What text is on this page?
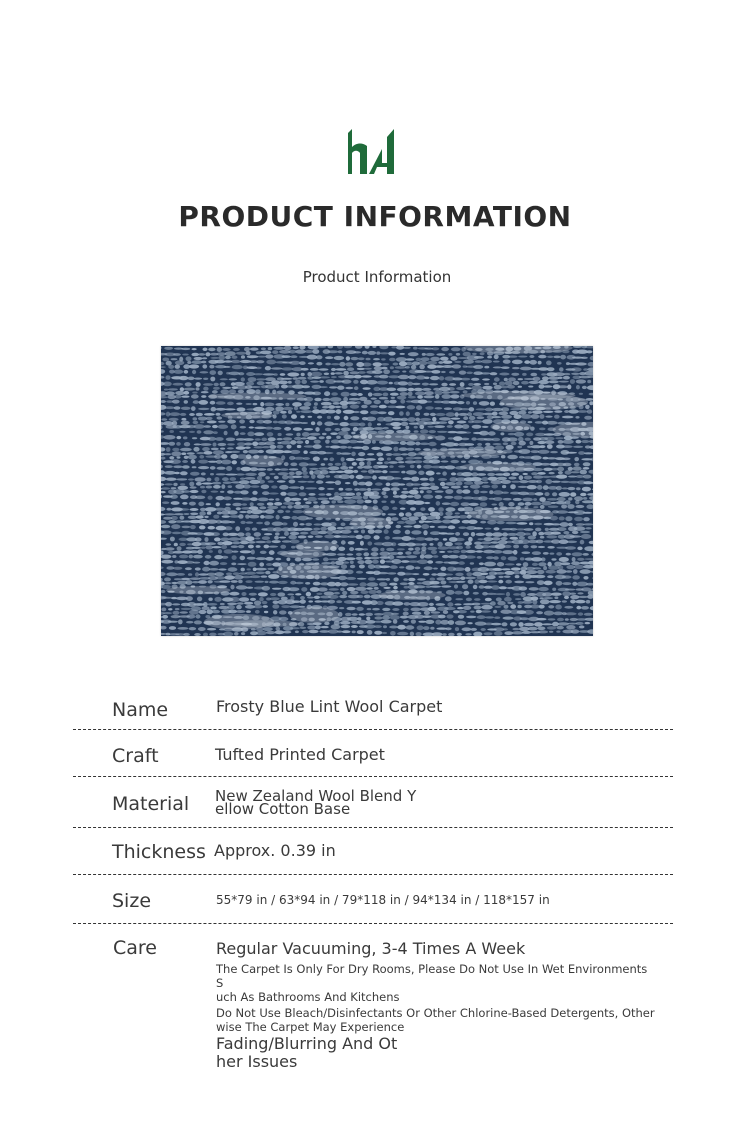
PRODUCT INFORMATION
Product Information
Name	Frosty Blue Lint Wool Carpet
Craft	Tufted Printed Carpet
Material New Zealand Wool Blend Y
ellow Cotton Base
Thickness Approx. 0.39 in
Size	55*79 in / 63*94 in / 79*118 in / 94*134 in / 118*157 in
Care	Regular Vacuuming, 3-4 Times A Week
The Carpet Is Only For Dry Rooms, Please Do Not Use In Wet Environments S
uch As Bathrooms And Kitchens
Do Not Use Bleach/Disinfectants Or Other Chlorine-Based Detergents, Other
wise The Carpet May Experience
Fading/Blurring And Ot
her Issues
